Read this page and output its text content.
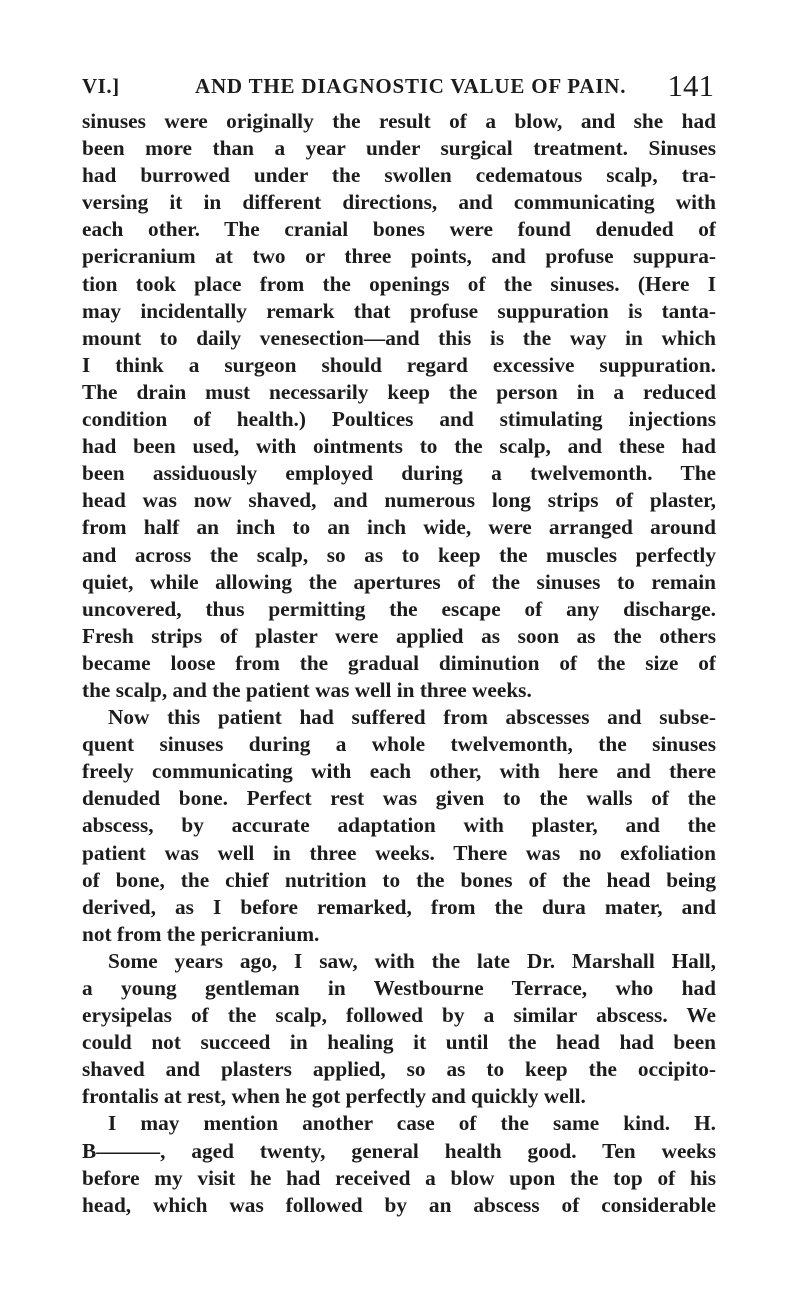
VI.]	AND THE DIAGNOSTIC VALUE OF PAIN. 141
sinuses were originally the result of a blow, and she had
been more than a year under surgical treatment. Sinuses
had burrowed under the swollen cedematous scalp, tra-
versing it in different directions, and communicating with
each other. The cranial bones were found denuded of
pericranium at two or three points, and profuse suppura-
tion took place from the openings of the sinuses. (Here I
may incidentally remark that profuse suppuration is tanta-
mount to daily venesection—and this is the way in which
I think a surgeon should regard excessive suppuration.
The drain must necessarily keep the person in a reduced
condition of health.) Poultices and stimulating injections
had been used, with ointments to the scalp, and these had
been assiduously employed during a twelvemonth. The
head was now shaved, and numerous long strips of plaster,
from half an inch to an inch wide, were arranged around
and across the scalp, so as to keep the muscles perfectly
quiet, while allowing the apertures of the sinuses to remain
uncovered, thus permitting the escape of any discharge.
Fresh strips of plaster were applied as soon as the others
became loose from the gradual diminution of the size of
the scalp, and the patient was well in three weeks.
Now this patient had suffered from abscesses and subse-
quent sinuses during a whole twelvemonth, the sinuses
freely communicating with each other, with here and there
denuded bone. Perfect rest was given to the walls of the
abscess, by accurate adaptation with plaster, and the
patient was well in three weeks. There was no exfoliation
of bone, the chief nutrition to the bones of the head being
derived, as I before remarked, from the dura mater, and
not from the pericranium.
Some years ago, I saw, with the late Dr. Marshall Hall,
a young gentleman in Westbourne Terrace, who had
erysipelas of the scalp, followed by a similar abscess. We
could not succeed in healing it until the head had been
shaved and plasters applied, so as to keep the occipito-
frontalis at rest, when he got perfectly and quickly well.
I may mention another case of the same kind. H.
B———, aged twenty, general health good. Ten weeks
before my visit he had received a blow upon the top of his
head, which was followed by an abscess of considerable
